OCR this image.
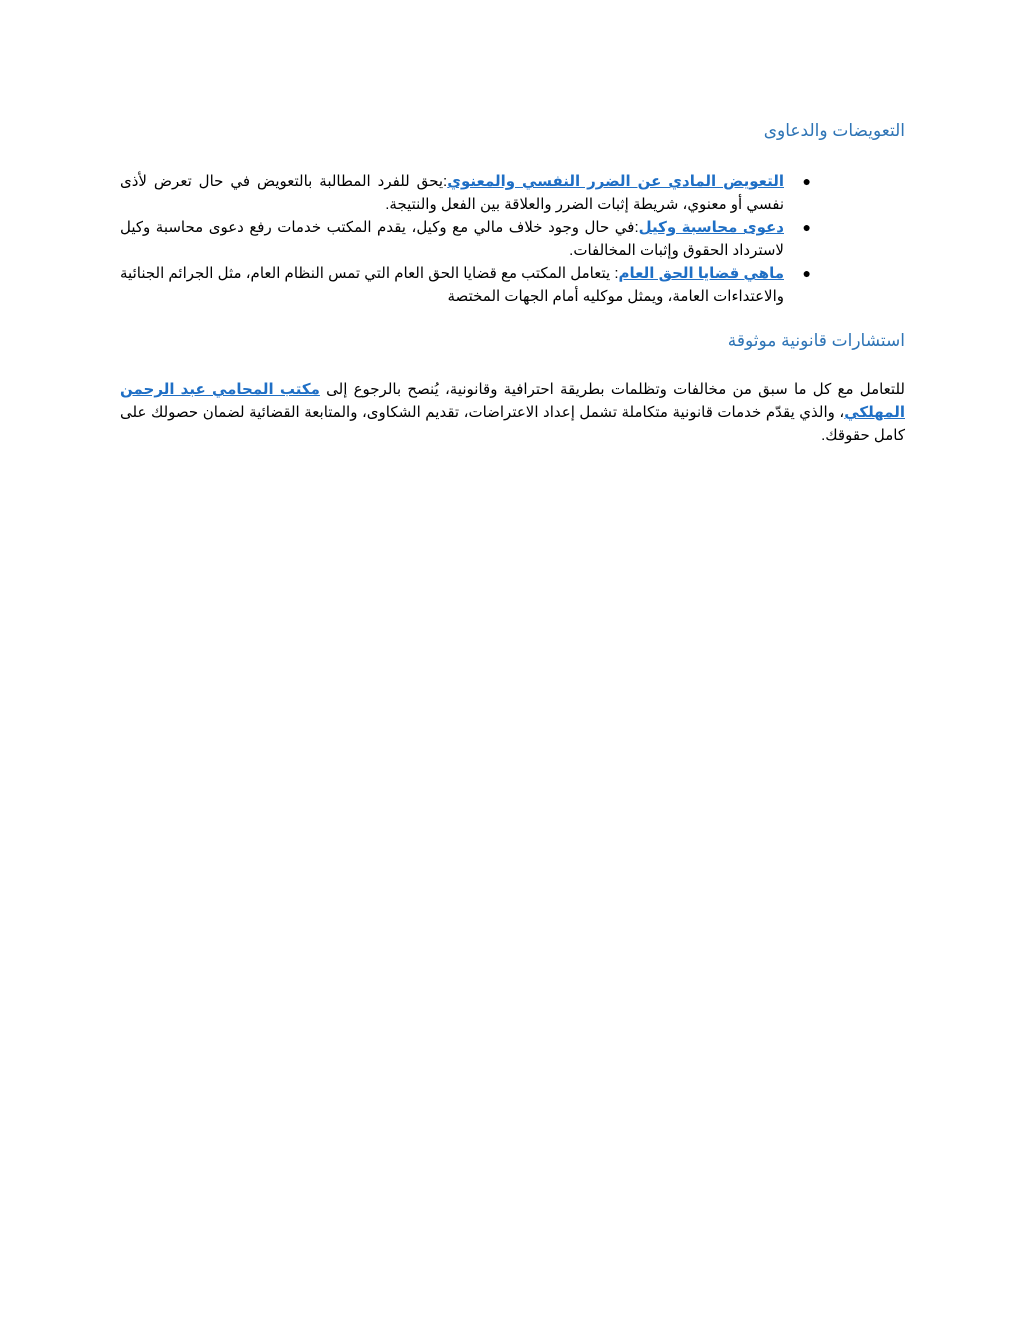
التعويضات والدعاوى
●
التعويض المادي عن الضرر النفسي والمعنوي:يحق للفرد المطالبة بالتعويض في حال تعرض لأذى نفسي أو معنوي، شريطة إثبات الضرر والعلاقة بين الفعل والنتيجة.
●
دعوى محاسبة وكيل:في حال وجود خلاف مالي مع وكيل، يقدم المكتب خدمات رفع دعوى محاسبة وكيل لاسترداد الحقوق وإثبات المخالفات.
●
ماهي قضايا الحق العام: يتعامل المكتب مع قضايا الحق العام التي تمس النظام العام، مثل الجرائم الجنائية والاعتداءات العامة، ويمثل موكليه أمام الجهات المختصة
استشارات قانونية موثوقة

للتعامل مع كل ما سبق من مخالفات وتظلمات بطريقة احترافية وقانونية، يُنصح بالرجوع إلى مكتب المحامي عبد الرحمن المهلكي، والذي يقدّم خدمات قانونية متكاملة تشمل إعداد الاعتراضات، تقديم الشكاوى، والمتابعة القضائية لضمان حصولك على كامل حقوقك.
